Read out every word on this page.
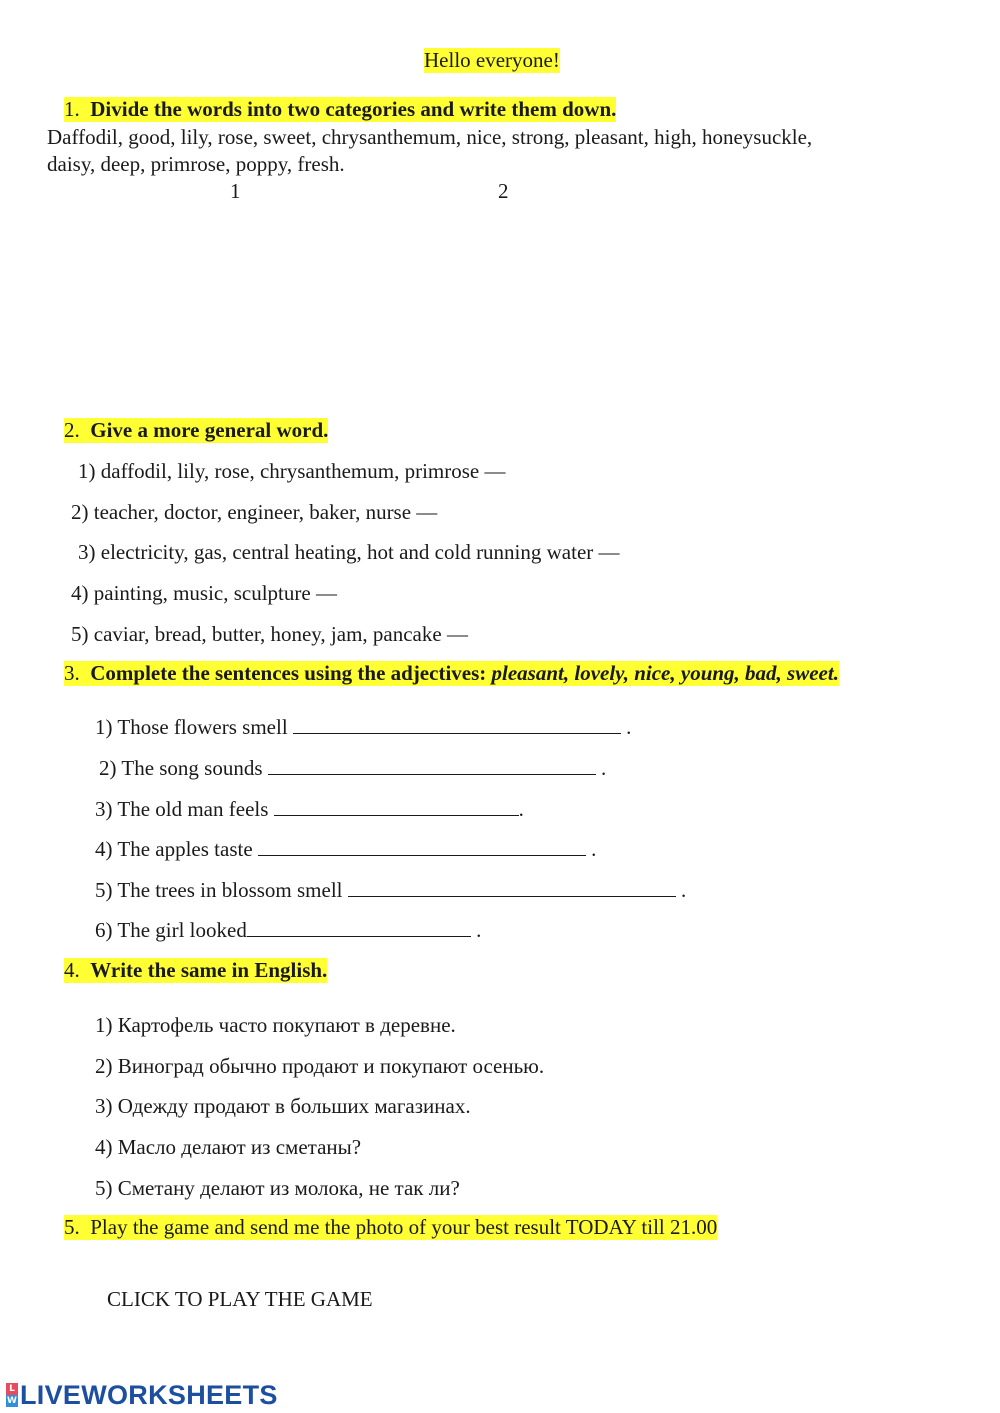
Hello everyone!
1. Divide the words into two categories and write them down.
Daffodil, good, lily, rose, sweet, chrysanthemum, nice, strong, pleasant, high, honeysuckle,
daisy, deep, primrose, poppy, fresh.
1	2
2. Give a more general word.
1) daffodil, lily, rose, chrysanthemum, primrose —
2) teacher, doctor, engineer, baker, nurse —
3) electricity, gas, central heating, hot and cold running water —
4) painting, music, sculpture —
5) caviar, bread, butter, honey, jam, pancake —
3. Complete the sentences using the adjectives: pleasant, lovely, nice, young, bad, sweet.
1) Those flowers smell	.
2) The song sounds	.
3) The old man feels	.
4) The apples taste	.
5) The trees in blossom smell	.
6) The girl looked	.
4. Write the same in English.
1) Картофель часто покупают в деревне.
2) Виноград обычно продают и покупают осенью.
3) Одежду продают в больших магазинах.
4) Масло делают из сметаны?
5) Сметану делают из молока, не так ли?
5. Play the game and send me the photo of your best result TODAY till 21.00
CLICK TO PLAY THE GAME
L
W LIVEWORKSHEETS
